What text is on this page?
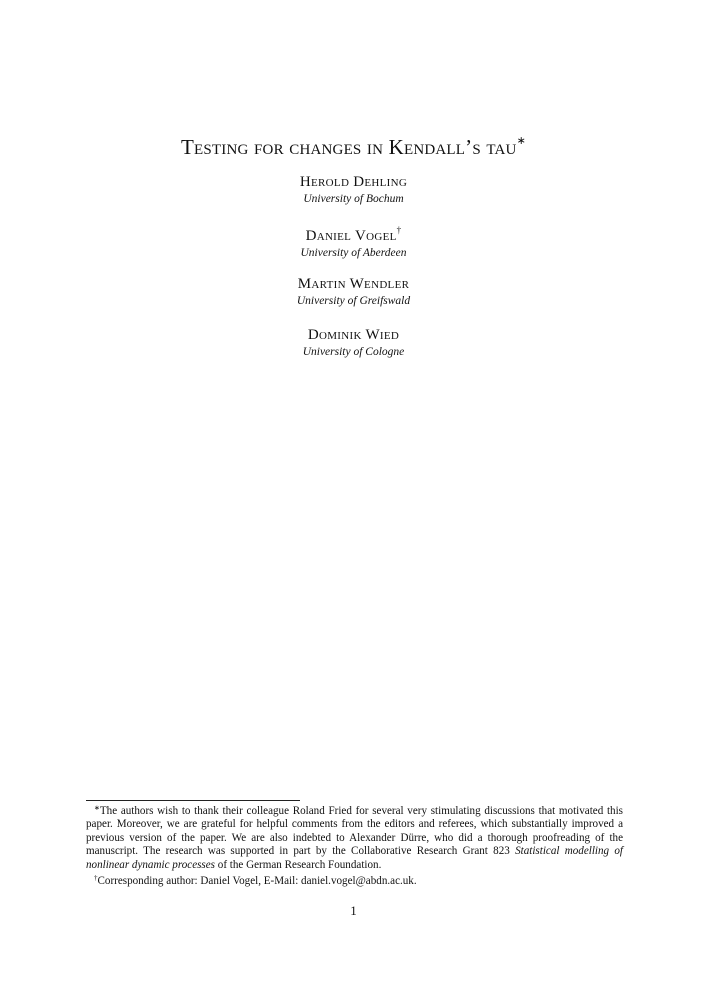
Testing for changes in Kendall’s tau∗
Herold Dehling
University of Bochum
Daniel Vogel†
University of Aberdeen
Martin Wendler
University of Greifswald
Dominik Wied
University of Cologne

∗The authors wish to thank their colleague Roland Fried for several very stimulating discussions that motivated this paper. Moreover, we are grateful for helpful comments from the editors and referees, which substantially improved a previous version of the paper. We are also indebted to Alexander Dürre, who did a thorough proofreading of the manuscript. The research was supported in part by the Collaborative Research Grant 823 Statistical modelling of nonlinear dynamic processes of the German Research Foundation.

†Corresponding author: Daniel Vogel, E-Mail: daniel.vogel@abdn.ac.uk.

1
